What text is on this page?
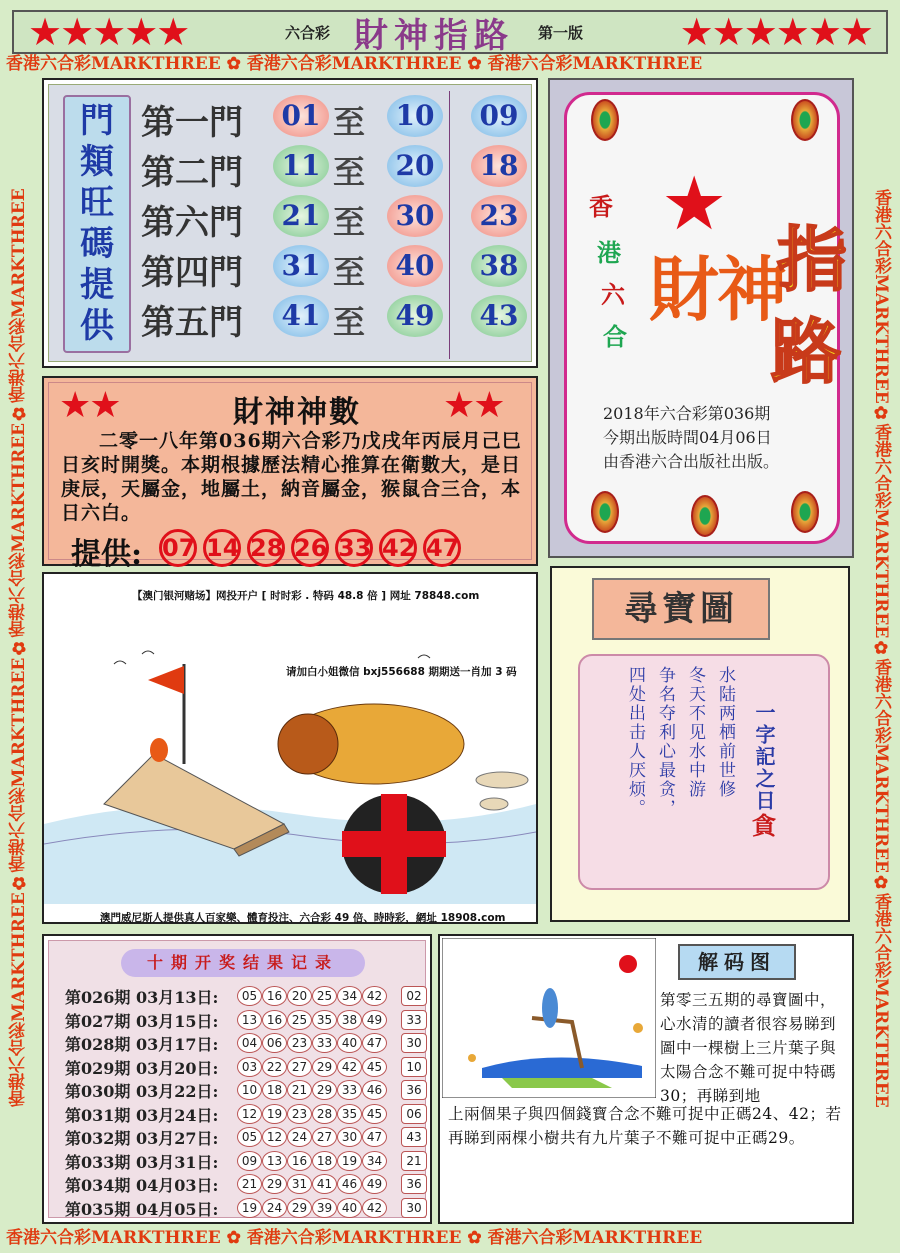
★★★★★	六合彩 財神指路 第一版	★★★★★★
香港六合彩MARKTHREE ✿ 香港六合彩MARKTHREE ✿ 香港六合彩MARKTHREE
香港六合彩MARKTHREE ✿ 香港六合彩MARKTHREE ✿ 香港六合彩MARKTHREE
香港六合彩MARKTHREE✿香港六合彩MARKTHREE✿香港六合彩MARKTHREE✿香港六合彩MARKTHREE	香港六合彩MARKTHREE✿香港六合彩MARKTHREE✿香港六合彩MARKTHREE✿香港六合彩MARKTHREE
門類旺碼提供
第一門	01 至	10	09
第二門	11 至	20	18
第六門	21 至	30	23
第四門	31 至	40	38
第五門	41 至	49	43
★
香
港
六
合
財神
指
路
2018年六合彩第036期
今期出版時間04月06日
由香港六合出版社出版。
★★	財神神數	★★
二零一八年第036期六合彩乃戊戌年丙辰月己巳日亥时開獎。本期根據歷法精心推算在衛數大，是日庚辰，天屬金，地屬土，納音屬金，猴鼠合三合，本日六白。
提供: 07 14 28 26 33 42 47
【澳门银河赌场】网投开户 [ 时时彩 . 特码 48.8 倍 ] 网址 78848.com
请加白小姐微信 bxj556688 期期送一肖加 3 码
澳門威尼斯人提供真人百家樂、體育投注、六合彩 49 倍、時時彩，網址 18908.com
尋寶圖
水陆两栖前世修
冬天不见水中游
争名夺利心最贪，
四处出击人厌烦。	一字記之日
貪
十期开奖结果记录
第026期 03月13日:	05 16 20 25 34 42	02
第027期 03月15日:	13 16 25 35 38 49	33
第028期 03月17日:	04 06 23 33 40 47	30
第029期 03月20日:	03 22 27 29 42 45	10
第030期 03月22日:	10 18 21 29 33 46	36
第031期 03月24日:	12 19 23 28 35 45	06
第032期 03月27日:	05 12 24 27 30 47	43
第033期 03月31日:	09 13 16 18 19 34	21
第034期 04月03日:	21 29 31 41 46 49	36
第035期 04月05日:	19 24 29 39 40 42	30
解码图
第零三五期的尋寶圖中，心水清的讀者很容易睇到圖中一棵樹上三片葉子與太陽合念不難可捉中特碼30；再睇到地
上兩個果子與四個錢寶合念不難可捉中正碼24、42；若再睇到兩棵小樹共有九片葉子不難可捉中正碼29。
